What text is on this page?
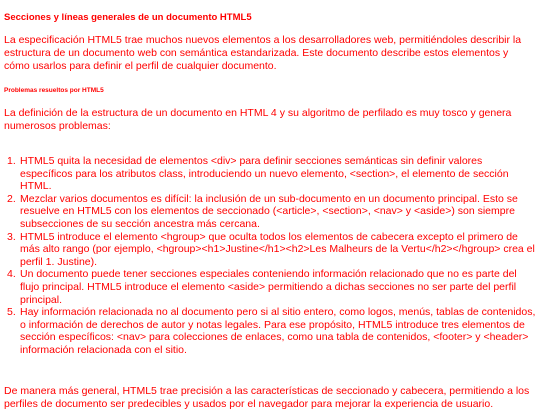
Secciones y líneas generales de un documento HTML5

La especificación HTML5 trae muchos nuevos elementos a los desarrolladores web, permitiéndoles describir la estructura de un documento web con semántica estandarizada. Este documento describe estos elementos y cómo usarlos para definir el perfil de cualquier documento.

Problemas resueltos por HTML5

La definición de la estructura de un documento en HTML 4 y su algoritmo de perfilado es muy tosco y genera numerosos problemas:

1. HTML5 quita la necesidad de elementos <div> para definir secciones semánticas sin definir valores específicos para los atributos class, introduciendo un nuevo elemento, <section>, el elemento de sección HTML.
2. Mezclar varios documentos es difícil: la inclusión de un sub-documento en un documento principal. Esto se resuelve en HTML5 con los elementos de seccionado (<article>, <section>, <nav> y <aside>) son siempre subsecciones de su sección ancestra más cercana.
3. HTML5 introduce el elemento <hgroup> que oculta todos los elementos de cabecera excepto el primero de más alto rango (por ejemplo, <hgroup><h1>Justine</h1><h2>Les Malheurs de la Vertu</h2></hgroup> crea el perfil 1. Justine).
4. Un documento puede tener secciones especiales conteniendo información relacionado que no es parte del flujo principal. HTML5 introduce el elemento <aside> permitiendo a dichas secciones no ser parte del perfil principal.
5. Hay información relacionada no al documento pero si al sitio entero, como logos, menús, tablas de contenidos, o información de derechos de autor y notas legales. Para ese propósito, HTML5 introduce tres elementos de sección específicos: <nav> para colecciones de enlaces, como una tabla de contenidos, <footer> y <header> información relacionada con el sitio.

De manera más general, HTML5 trae precisión a las características de seccionado y cabecera, permitiendo a los perfiles de documento ser predecibles y usados por el navegador para mejorar la experiencia de usuario.
